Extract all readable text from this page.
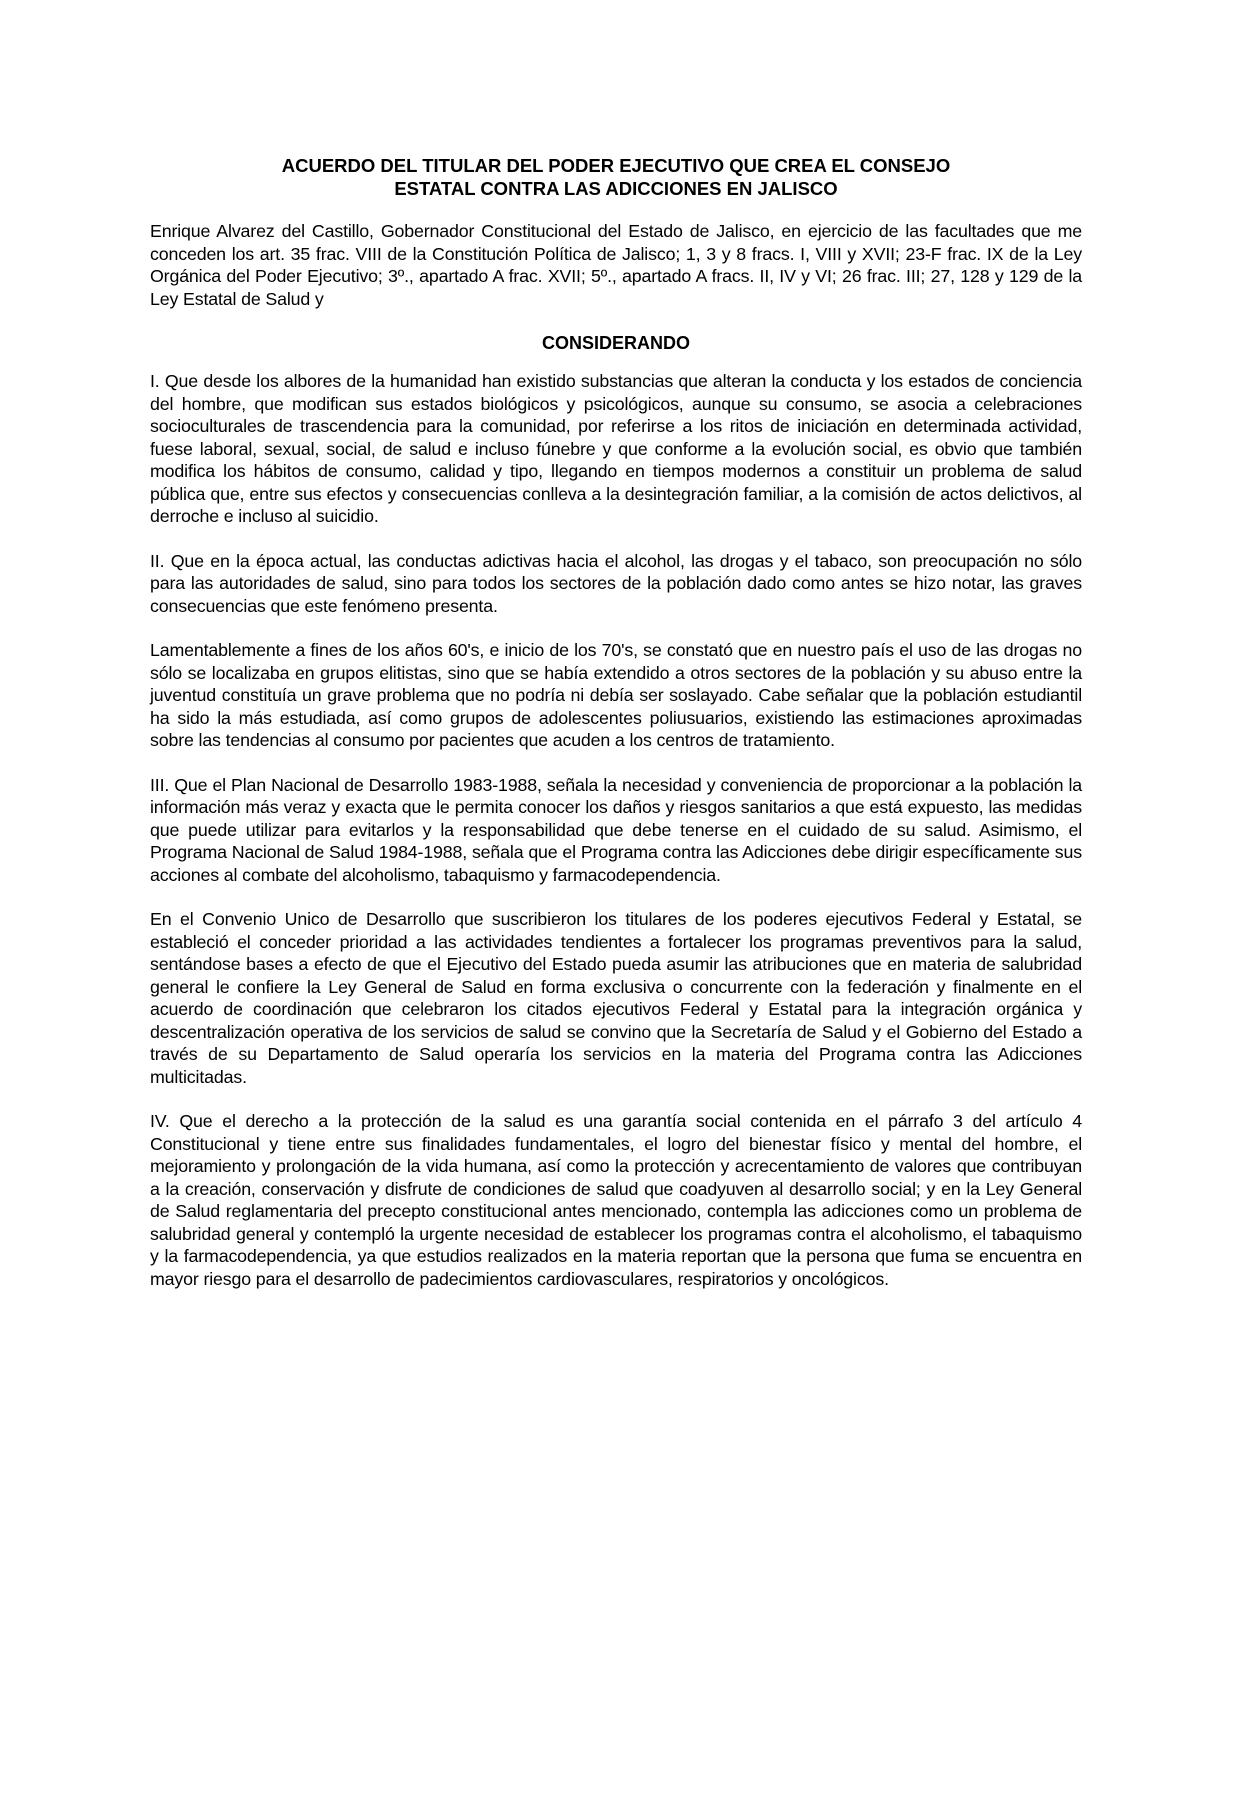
ACUERDO DEL TITULAR DEL PODER EJECUTIVO QUE CREA EL CONSEJO
ESTATAL CONTRA LAS ADICCIONES EN JALISCO

Enrique Alvarez del Castillo, Gobernador Constitucional del Estado de Jalisco, en ejercicio de las facultades que me conceden los art. 35 frac. VIII de la Constitución Política de Jalisco; 1, 3 y 8 fracs. I, VIII y XVII; 23-F frac. IX de la Ley Orgánica del Poder Ejecutivo; 3º., apartado A frac. XVII; 5º., apartado A fracs. II, IV y VI; 26 frac. III; 27, 128 y 129 de la Ley Estatal de Salud y

CONSIDERANDO

I. Que desde los albores de la humanidad han existido substancias que alteran la conducta y los estados de conciencia del hombre, que modifican sus estados biológicos y psicológicos, aunque su consumo, se asocia a celebraciones socioculturales de trascendencia para la comunidad, por referirse a los ritos de iniciación en determinada actividad, fuese laboral, sexual, social, de salud e incluso fúnebre y que conforme a la evolución social, es obvio que también modifica los hábitos de consumo, calidad y tipo, llegando en tiempos modernos a constituir un problema de salud pública que, entre sus efectos y consecuencias conlleva a la desintegración familiar, a la comisión de actos delictivos, al derroche e incluso al suicidio.

II. Que en la época actual, las conductas adictivas hacia el alcohol, las drogas y el tabaco, son preocupación no sólo para las autoridades de salud, sino para todos los sectores de la población dado como antes se hizo notar, las graves consecuencias que este fenómeno presenta.

Lamentablemente a fines de los años 60's, e inicio de los 70's, se constató que en nuestro país el uso de las drogas no sólo se localizaba en grupos elitistas, sino que se había extendido a otros sectores de la población y su abuso entre la juventud constituía un grave problema que no podría ni debía ser soslayado. Cabe señalar que la población estudiantil ha sido la más estudiada, así como grupos de adolescentes poliusuarios, existiendo las estimaciones aproximadas sobre las tendencias al consumo por pacientes que acuden a los centros de tratamiento.

III. Que el Plan Nacional de Desarrollo 1983-1988, señala la necesidad y conveniencia de proporcionar a la población la información más veraz y exacta que le permita conocer los daños y riesgos sanitarios a que está expuesto, las medidas que puede utilizar para evitarlos y la responsabilidad que debe tenerse en el cuidado de su salud. Asimismo, el Programa Nacional de Salud 1984-1988, señala que el Programa contra las Adicciones debe dirigir específicamente sus acciones al combate del alcoholismo, tabaquismo y farmacodependencia.

En el Convenio Unico de Desarrollo que suscribieron los titulares de los poderes ejecutivos Federal y Estatal, se estableció el conceder prioridad a las actividades tendientes a fortalecer los programas preventivos para la salud, sentándose bases a efecto de que el Ejecutivo del Estado pueda asumir las atribuciones que en materia de salubridad general le confiere la Ley General de Salud en forma exclusiva o concurrente con la federación y finalmente en el acuerdo de coordinación que celebraron los citados ejecutivos Federal y Estatal para la integración orgánica y descentralización operativa de los servicios de salud se convino que la Secretaría de Salud y el Gobierno del Estado a través de su Departamento de Salud operaría los servicios en la materia del Programa contra las Adicciones multicitadas.

IV. Que el derecho a la protección de la salud es una garantía social contenida en el párrafo 3 del artículo 4 Constitucional y tiene entre sus finalidades fundamentales, el logro del bienestar físico y mental del hombre, el mejoramiento y prolongación de la vida humana, así como la protección y acrecentamiento de valores que contribuyan a la creación, conservación y disfrute de condiciones de salud que coadyuven al desarrollo social; y en la Ley General de Salud reglamentaria del precepto constitucional antes mencionado, contempla las adicciones como un problema de salubridad general y contempló la urgente necesidad de establecer los programas contra el alcoholismo, el tabaquismo y la farmacodependencia, ya que estudios realizados en la materia reportan que la persona que fuma se encuentra en mayor riesgo para el desarrollo de padecimientos cardiovasculares, respiratorios y oncológicos.
